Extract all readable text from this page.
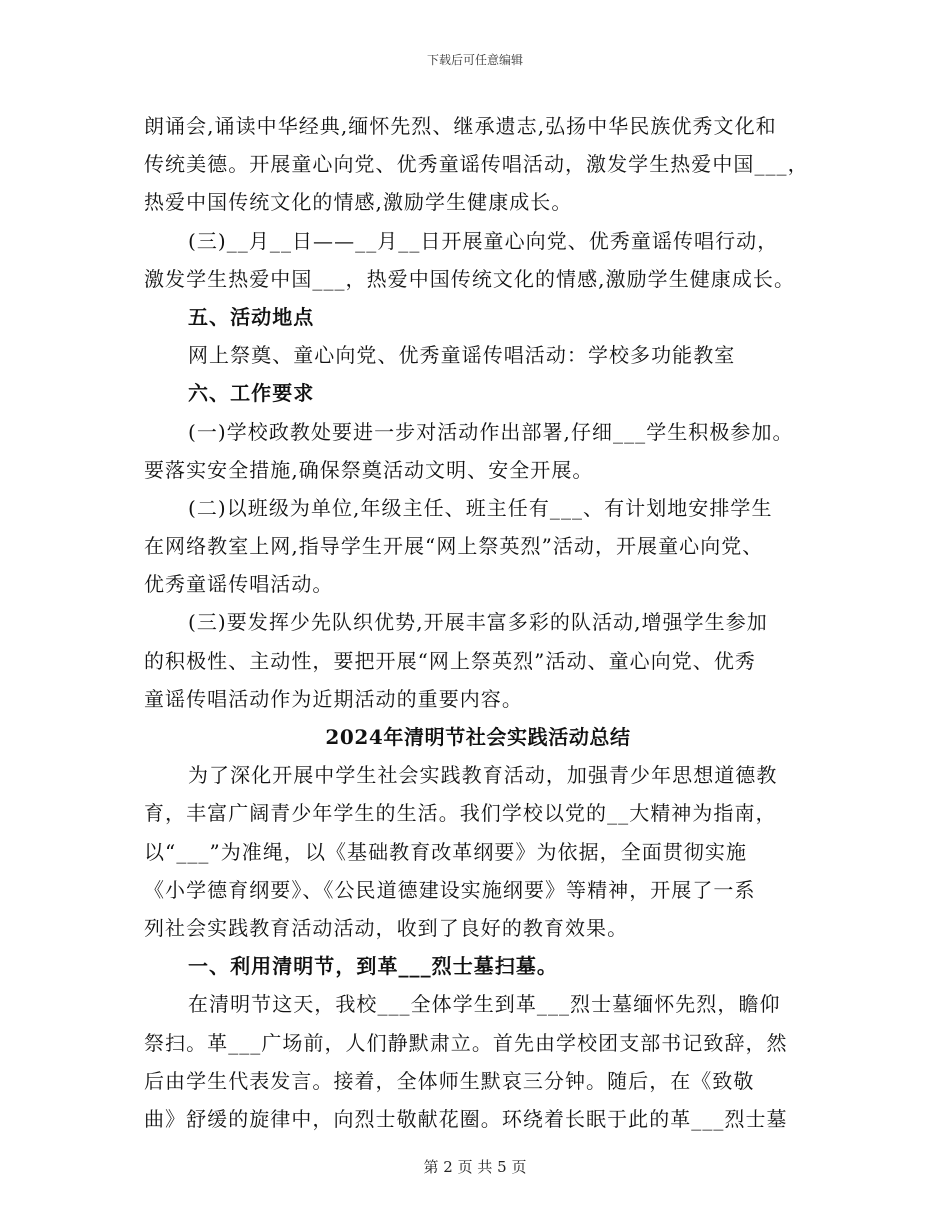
下载后可任意编辑
朗诵会,诵读中华经典,缅怀先烈、继承遗志,弘扬中华民族优秀文化和
传统美德。开展童心向党、优秀童谣传唱活动，激发学生热爱中国___，
热爱中国传统文化的情感,激励学生健康成长。
(三)__月__日——__月__日开展童心向党、优秀童谣传唱行动，
激发学生热爱中国___，热爱中国传统文化的情感,激励学生健康成长。
五、活动地点
网上祭奠、童心向党、优秀童谣传唱活动：学校多功能教室
六、工作要求
(一)学校政教处要进一步对活动作出部署,仔细___学生积极参加。
要落实安全措施,确保祭奠活动文明、安全开展。
(二)以班级为单位,年级主任、班主任有___、有计划地安排学生
在网络教室上网,指导学生开展“网上祭英烈”活动，开展童心向党、
优秀童谣传唱活动。
(三)要发挥少先队织优势,开展丰富多彩的队活动,增强学生参加
的积极性、主动性，要把开展“网上祭英烈”活动、童心向党、优秀
童谣传唱活动作为近期活动的重要内容。
2024年清明节社会实践活动总结
为了深化开展中学生社会实践教育活动，加强青少年思想道德教
育，丰富广阔青少年学生的生活。我们学校以党的__大精神为指南，
以“___”为准绳，以《基础教育改革纲要》为依据，全面贯彻实施
《小学德育纲要》、《公民道德建设实施纲要》等精神，开展了一系
列社会实践教育活动活动，收到了良好的教育效果。
一、利用清明节，到革___烈士墓扫墓。
在清明节这天，我校___全体学生到革___烈士墓缅怀先烈，瞻仰
祭扫。革___广场前，人们静默肃立。首先由学校团支部书记致辞，然
后由学生代表发言。接着，全体师生默哀三分钟。随后，在《致敬
曲》舒缓的旋律中，向烈士敬献花圈。环绕着长眠于此的革___烈士墓
第 2 页 共 5 页
